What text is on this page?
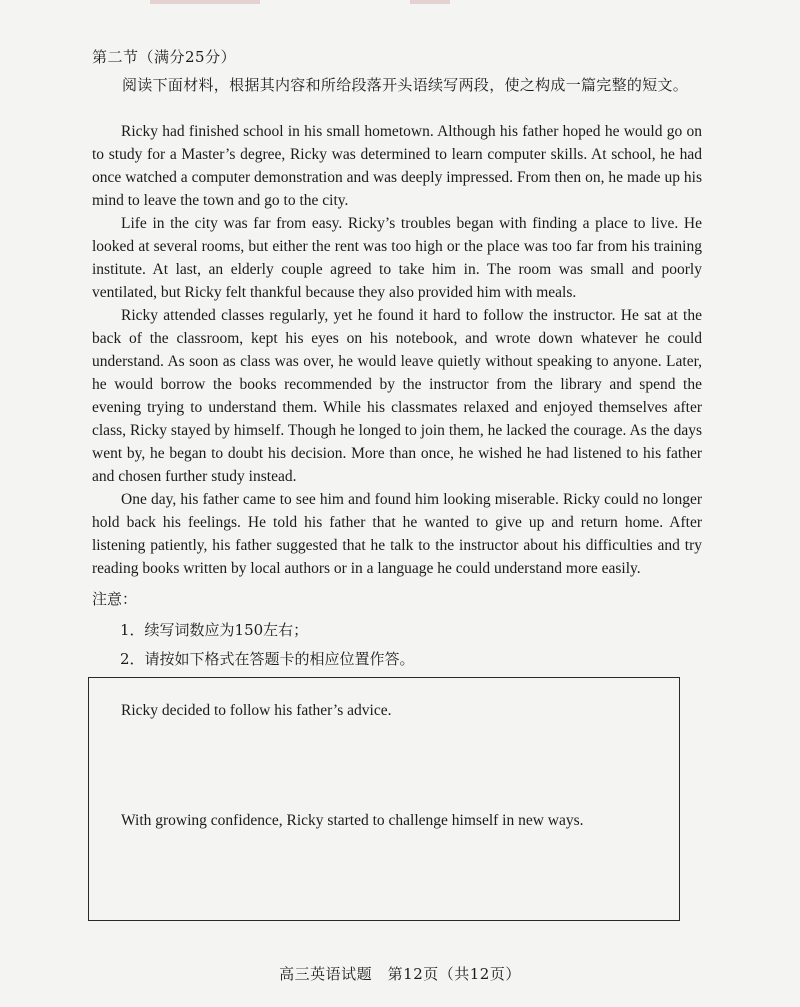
第二节（满分25分）
阅读下面材料，根据其内容和所给段落开头语续写两段，使之构成一篇完整的短文。

Ricky had finished school in his small hometown. Although his father hoped he would go on to study for a Master’s degree, Ricky was determined to learn computer skills. At school, he had once watched a computer demonstration and was deeply impressed. From then on, he made up his mind to leave the town and go to the city.

Life in the city was far from easy. Ricky’s troubles began with finding a place to live. He looked at several rooms, but either the rent was too high or the place was too far from his training institute. At last, an elderly couple agreed to take him in. The room was small and poorly ventilated, but Ricky felt thankful because they also provided him with meals.

Ricky attended classes regularly, yet he found it hard to follow the instructor. He sat at the back of the classroom, kept his eyes on his notebook, and wrote down whatever he could understand. As soon as class was over, he would leave quietly without speaking to anyone. Later, he would borrow the books recommended by the instructor from the library and spend the evening trying to understand them. While his classmates relaxed and enjoyed themselves after class, Ricky stayed by himself. Though he longed to join them, he lacked the courage. As the days went by, he began to doubt his decision. More than once, he wished he had listened to his father and chosen further study instead.

One day, his father came to see him and found him looking miserable. Ricky could no longer hold back his feelings. He told his father that he wanted to give up and return home. After listening patiently, his father suggested that he talk to the instructor about his difficulties and try reading books written by local authors or in a language he could understand more easily.

注意：
1．续写词数应为150左右；
2．请按如下格式在答题卡的相应位置作答。
Ricky decided to follow his father’s advice.
With growing confidence, Ricky started to challenge himself in new ways.
高三英语试题　第12页（共12页）
